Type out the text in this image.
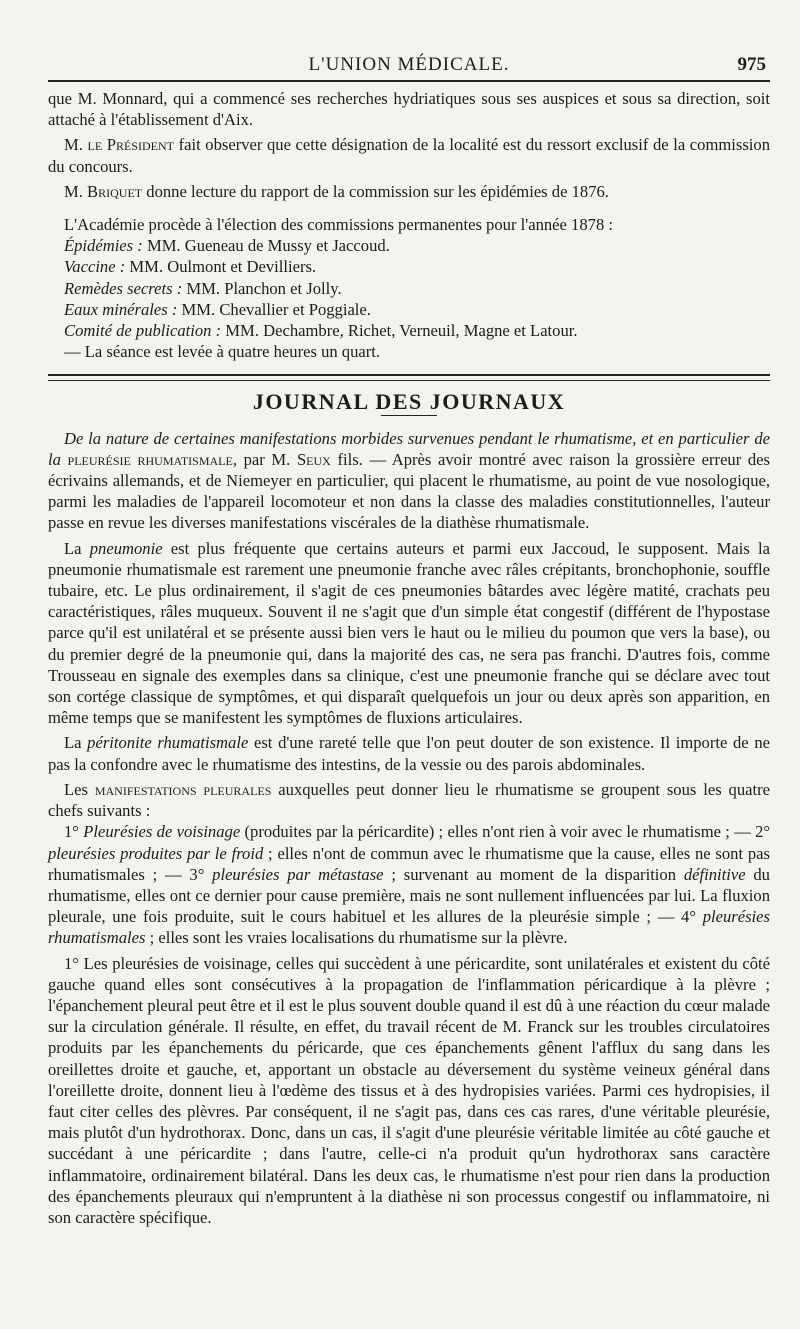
L'UNION MÉDICALE.	975

que M. Monnard, qui a commencé ses recherches hydriatiques sous ses auspices et sous sa direction, soit attaché à l'établissement d'Aix.

M. le Président fait observer que cette désignation de la localité est du ressort exclusif de la commission du concours.

M. Briquet donne lecture du rapport de la commission sur les épidémies de 1876.

L'Académie procède à l'élection des commissions permanentes pour l'année 1878 :

Épidémies : MM. Gueneau de Mussy et Jaccoud.

Vaccine : MM. Oulmont et Devilliers.

Remèdes secrets : MM. Planchon et Jolly.

Eaux minérales : MM. Chevallier et Poggiale.

Comité de publication : MM. Dechambre, Richet, Verneuil, Magne et Latour.

— La séance est levée à quatre heures un quart.

JOURNAL DES JOURNAUX

De la nature de certaines manifestations morbides survenues pendant le rhumatisme, et en particulier de la pleurésie rhumatismale, par M. Seux fils. — Après avoir montré avec raison la grossière erreur des écrivains allemands, et de Niemeyer en particulier, qui placent le rhumatisme, au point de vue nosologique, parmi les maladies de l'appareil locomoteur et non dans la classe des maladies constitutionnelles, l'auteur passe en revue les diverses manifestations viscérales de la diathèse rhumatismale.

La pneumonie est plus fréquente que certains auteurs et parmi eux Jaccoud, le supposent. Mais la pneumonie rhumatismale est rarement une pneumonie franche avec râles crépitants, bronchophonie, souffle tubaire, etc. Le plus ordinairement, il s'agit de ces pneumonies bâtardes avec légère matité, crachats peu caractéristiques, râles muqueux. Souvent il ne s'agit que d'un simple état congestif (différent de l'hypostase parce qu'il est unilatéral et se présente aussi bien vers le haut ou le milieu du poumon que vers la base), ou du premier degré de la pneumonie qui, dans la majorité des cas, ne sera pas franchi. D'autres fois, comme Trousseau en signale des exemples dans sa clinique, c'est une pneumonie franche qui se déclare avec tout son cortége classique de symptômes, et qui disparaît quelquefois un jour ou deux après son apparition, en même temps que se manifestent les symptômes de fluxions articulaires.

La péritonite rhumatismale est d'une rareté telle que l'on peut douter de son existence. Il importe de ne pas la confondre avec le rhumatisme des intestins, de la vessie ou des parois abdominales.

Les manifestations pleurales auxquelles peut donner lieu le rhumatisme se groupent sous les quatre chefs suivants :

1° Pleurésies de voisinage (produites par la péricardite) ; elles n'ont rien à voir avec le rhumatisme ; — 2° pleurésies produites par le froid ; elles n'ont de commun avec le rhumatisme que la cause, elles ne sont pas rhumatismales ; — 3° pleurésies par métastase ; survenant au moment de la disparition définitive du rhumatisme, elles ont ce dernier pour cause première, mais ne sont nullement influencées par lui. La fluxion pleurale, une fois produite, suit le cours habituel et les allures de la pleurésie simple ; — 4° pleurésies rhumatismales ; elles sont les vraies localisations du rhumatisme sur la plèvre.

1° Les pleurésies de voisinage, celles qui succèdent à une péricardite, sont unilatérales et existent du côté gauche quand elles sont consécutives à la propagation de l'inflammation péricardique à la plèvre ; l'épanchement pleural peut être et il est le plus souvent double quand il est dû à une réaction du cœur malade sur la circulation générale. Il résulte, en effet, du travail récent de M. Franck sur les troubles circulatoires produits par les épanchements du péricarde, que ces épanchements gênent l'afflux du sang dans les oreillettes droite et gauche, et, apportant un obstacle au déversement du système veineux général dans l'oreillette droite, donnent lieu à l'œdème des tissus et à des hydropisies variées. Parmi ces hydropisies, il faut citer celles des plèvres. Par conséquent, il ne s'agit pas, dans ces cas rares, d'une véritable pleurésie, mais plutôt d'un hydrothorax. Donc, dans un cas, il s'agit d'une pleurésie véritable limitée au côté gauche et succédant à une péricardite ; dans l'autre, celle-ci n'a produit qu'un hydrothorax sans caractère inflammatoire, ordinairement bilatéral. Dans les deux cas, le rhumatisme n'est pour rien dans la production des épanchements pleuraux qui n'empruntent à la diathèse ni son processus congestif ou inflammatoire, ni son caractère spécifique.
